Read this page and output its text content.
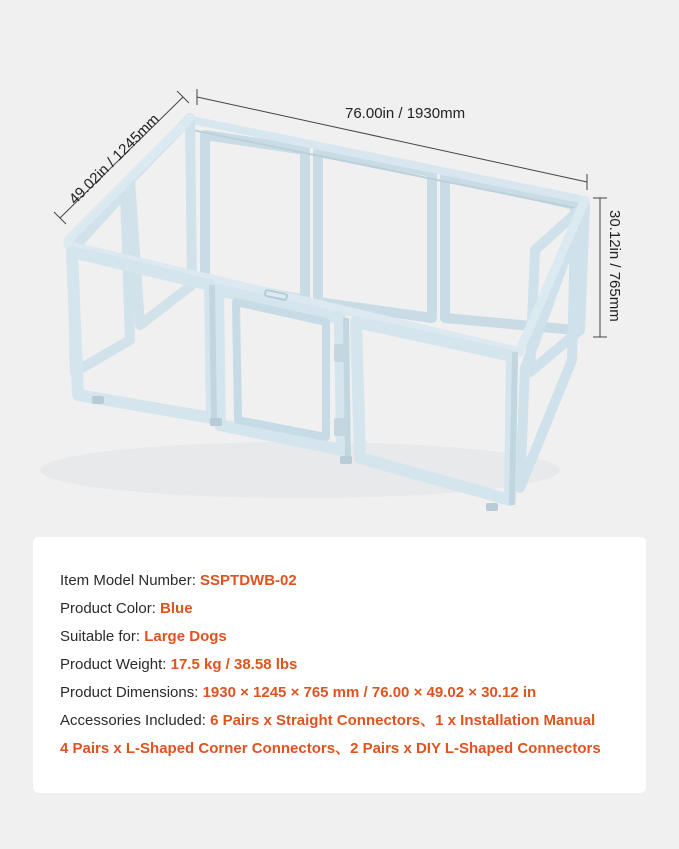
76.00in / 1930mm
49.02in / 1245mm
30.12in / 765mm
Item Model Number: SSPTDWB-02
Product Color: Blue
Suitable for: Large Dogs
Product Weight: 17.5 kg / 38.58 lbs
Product Dimensions: 1930 × 1245 × 765 mm / 76.00 × 49.02 × 30.12 in
Accessories Included: 6 Pairs x Straight Connectors、1 x Installation Manual
4 Pairs x L-Shaped Corner Connectors、2 Pairs x DIY L-Shaped Connectors
